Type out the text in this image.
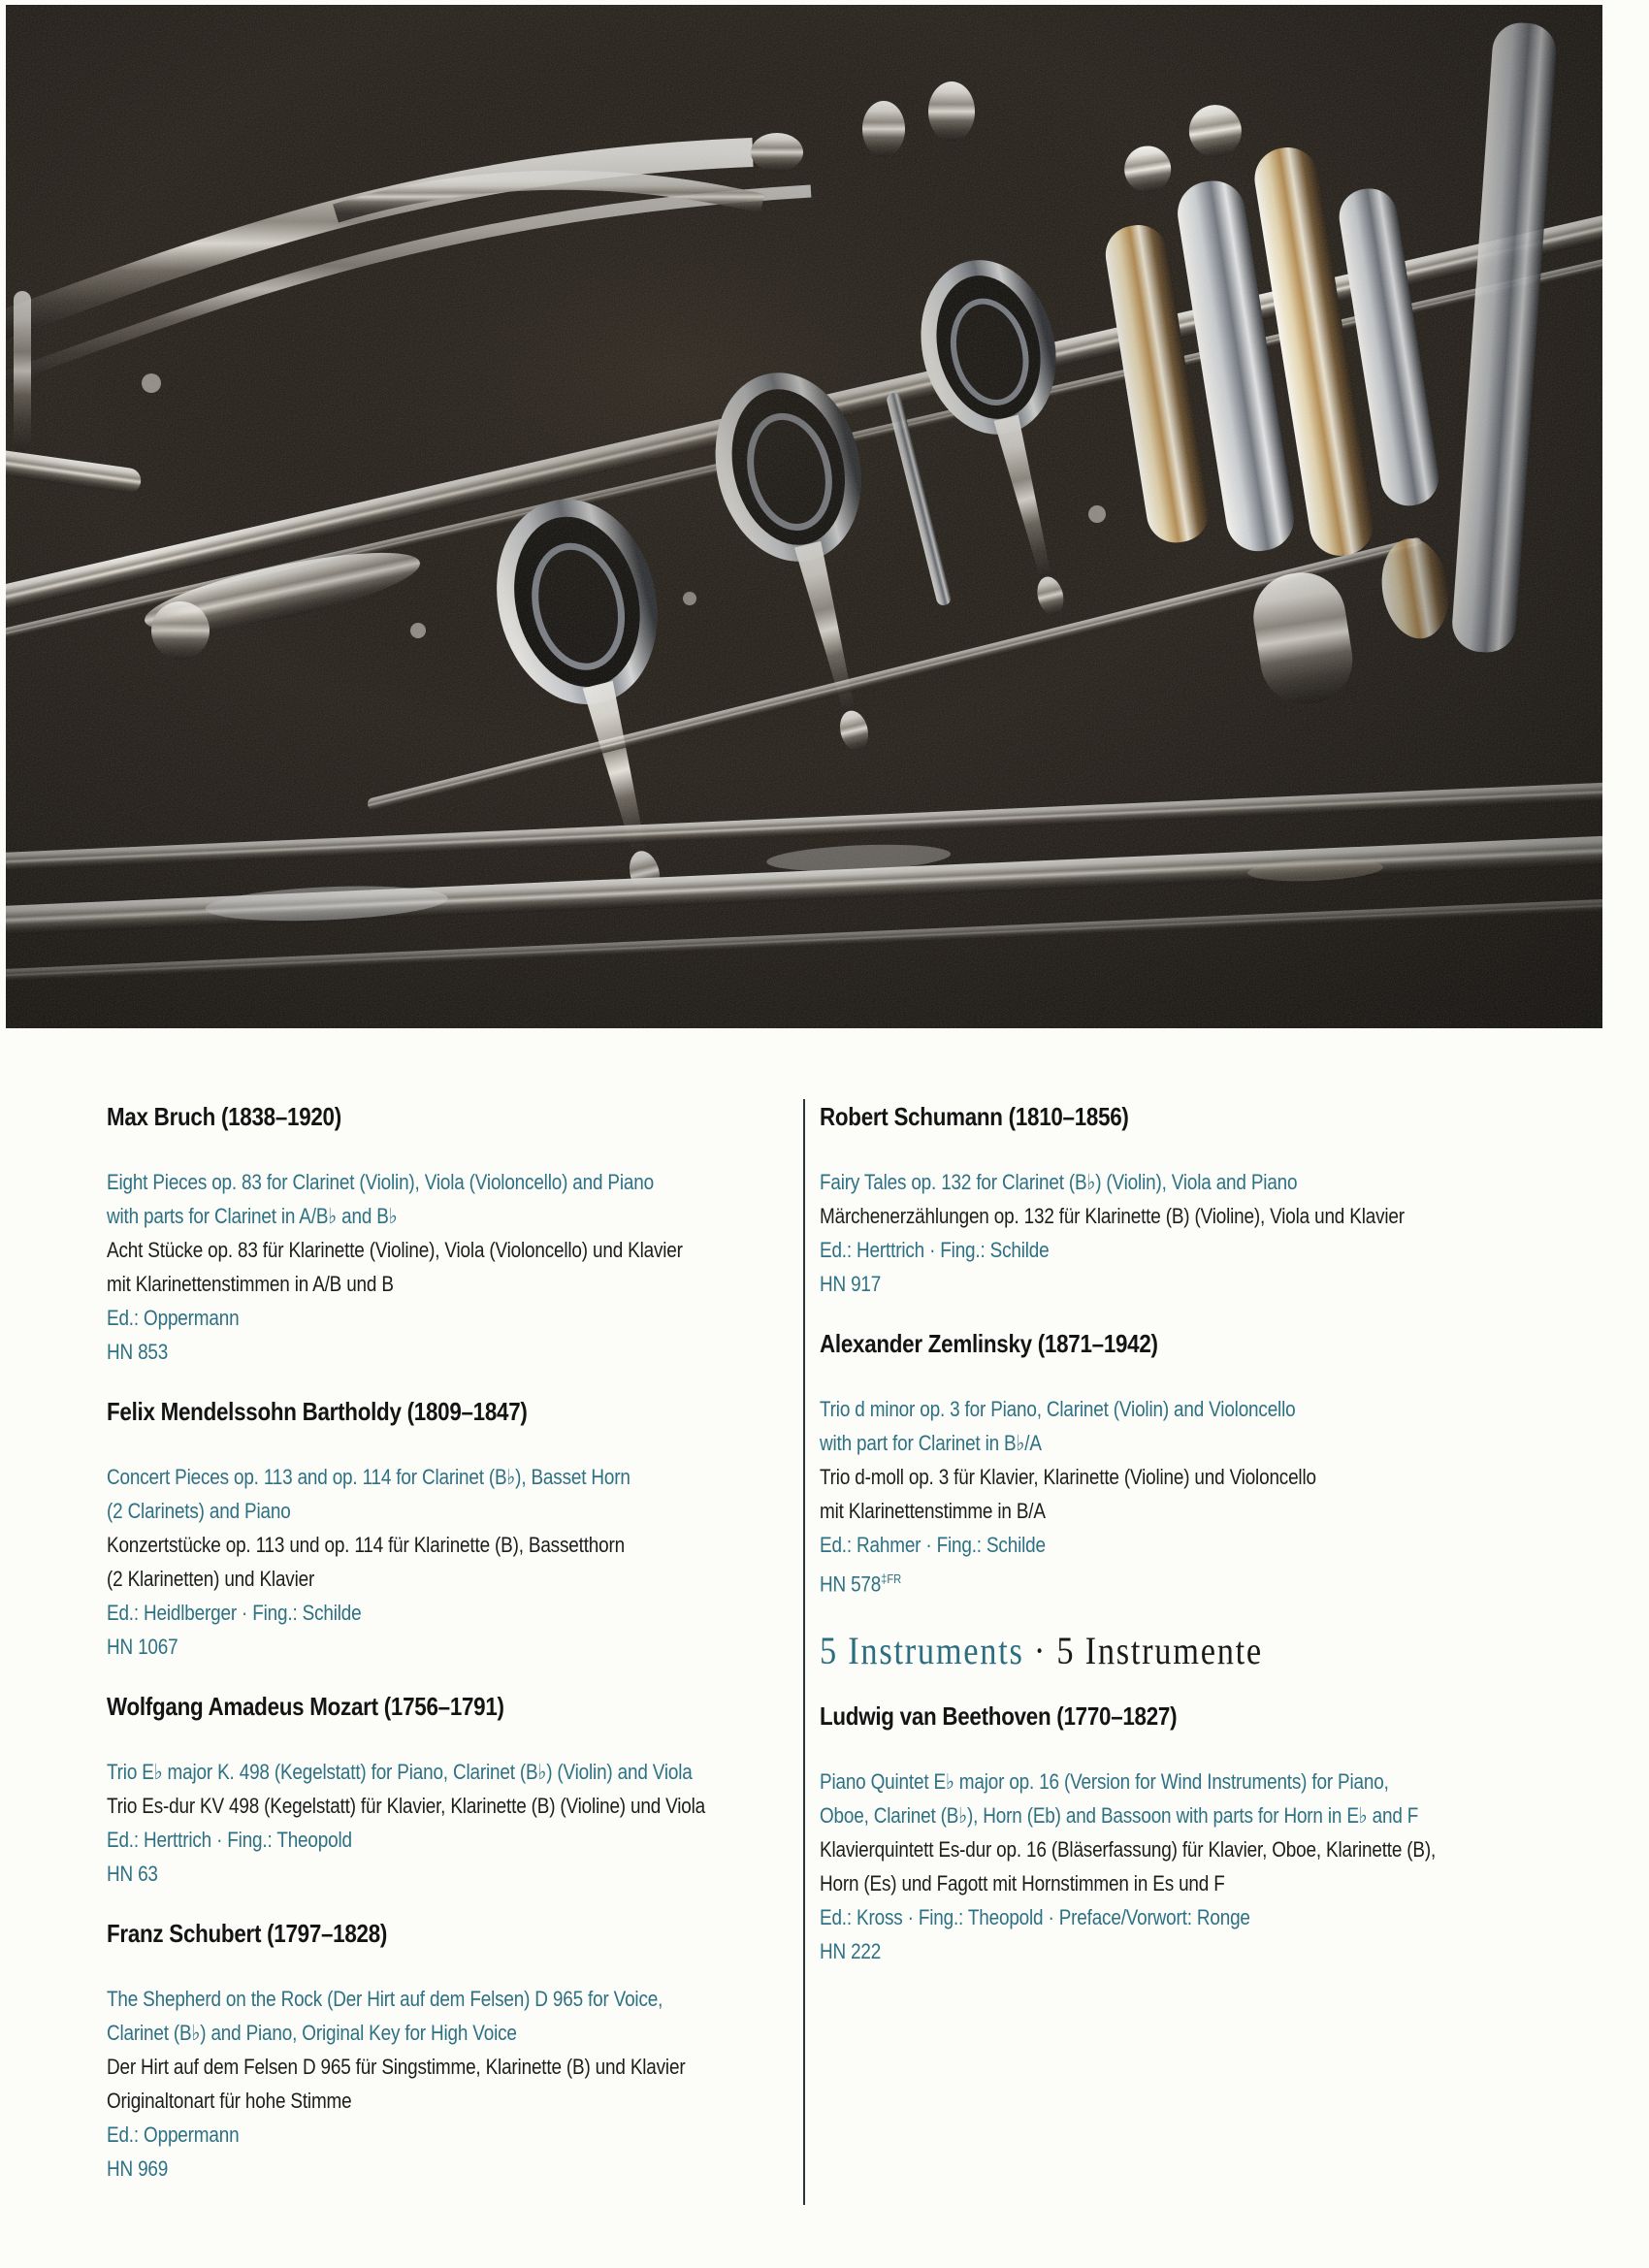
Max Bruch (1838–1920)
Eight Pieces op. 83 for Clarinet (Violin), Viola (Violoncello) and Piano
with parts for Clarinet in A/B♭ and B♭
Acht Stücke op. 83 für Klarinette (Violine), Viola (Violoncello) und Klavier
mit Klarinettenstimmen in A/B und B
Ed.: Oppermann
HN 853
Felix Mendelssohn Bartholdy (1809–1847)
Concert Pieces op. 113 and op. 114 for Clarinet (B♭), Basset Horn
(2 Clarinets) and Piano
Konzertstücke op. 113 und op. 114 für Klarinette (B), Bassetthorn
(2 Klarinetten) und Klavier
Ed.: Heidlberger · Fing.: Schilde
HN 1067
Wolfgang Amadeus Mozart (1756–1791)
Trio E♭ major K. 498 (Kegelstatt) for Piano, Clarinet (B♭) (Violin) and Viola
Trio Es-dur KV 498 (Kegelstatt) für Klavier, Klarinette (B) (Violine) und Viola
Ed.: Herttrich · Fing.: Theopold
HN 63
Franz Schubert (1797–1828)
The Shepherd on the Rock (Der Hirt auf dem Felsen) D 965 for Voice,
Clarinet (B♭) and Piano, Original Key for High Voice
Der Hirt auf dem Felsen D 965 für Singstimme, Klarinette (B) und Klavier
Originaltonart für hohe Stimme
Ed.: Oppermann
HN 969
Robert Schumann (1810–1856)
Fairy Tales op. 132 for Clarinet (B♭) (Violin), Viola and Piano
Märchenerzählungen op. 132 für Klarinette (B) (Violine), Viola und Klavier
Ed.: Herttrich · Fing.: Schilde
HN 917
Alexander Zemlinsky (1871–1942)
Trio d minor op. 3 for Piano, Clarinet (Violin) and Violoncello
with part for Clarinet in B♭/A
Trio d-moll op. 3 für Klavier, Klarinette (Violine) und Violoncello
mit Klarinettenstimme in B/A
Ed.: Rahmer · Fing.: Schilde
HN $578^{\ddagger FR}$
5 Instruments · 5 Instrumente
Ludwig van Beethoven (1770–1827)
Piano Quintet E♭ major op. 16 (Version for Wind Instruments) for Piano,
Oboe, Clarinet (B♭), Horn (Eb) and Bassoon with parts for Horn in E♭ and F
Klavierquintett Es-dur op. 16 (Bläserfassung) für Klavier, Oboe, Klarinette (B),
Horn (Es) und Fagott mit Hornstimmen in Es und F
Ed.: Kross · Fing.: Theopold · Preface/Vorwort: Ronge
HN 222
